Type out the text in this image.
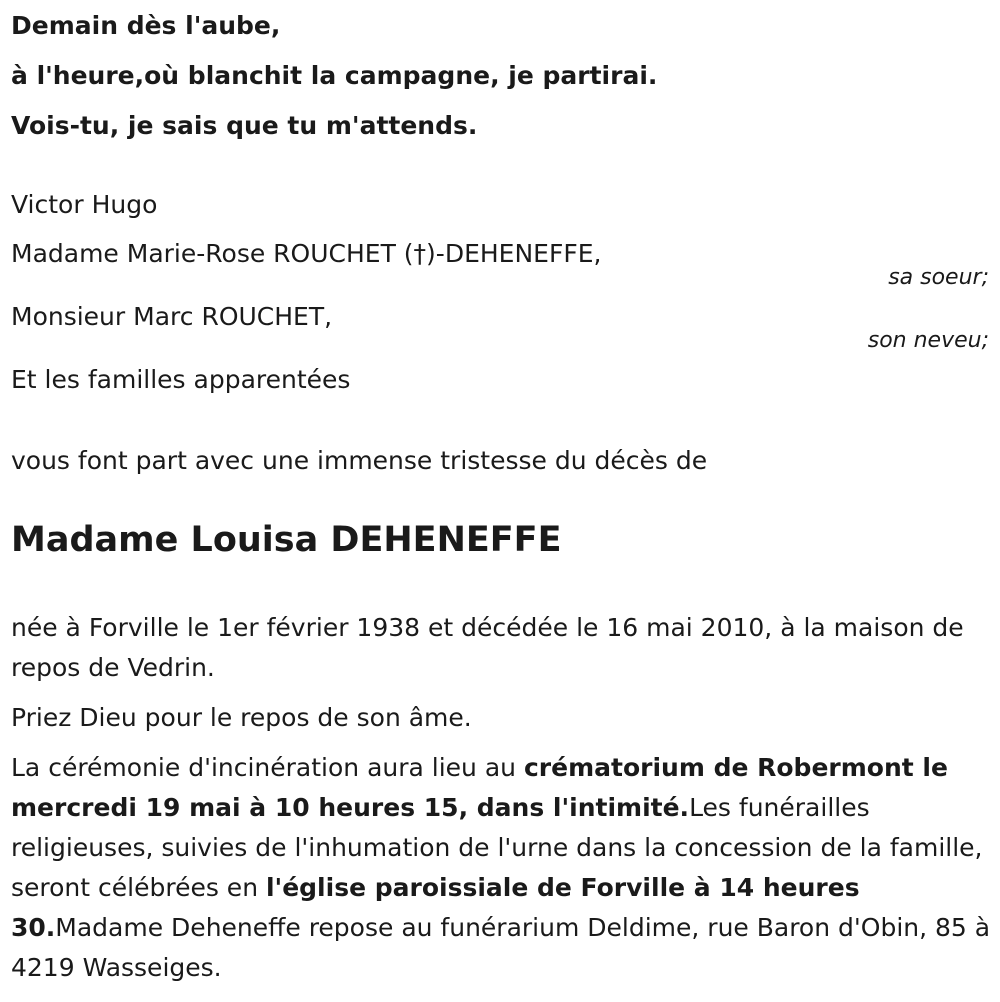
Demain dès l'aube,

à l'heure,où blanchit la campagne, je partirai.

Vois-tu, je sais que tu m'attends.

Victor Hugo

Madame Marie-Rose ROUCHET (†)-DEHENEFFE,

sa soeur;

Monsieur Marc ROUCHET,

son neveu;

Et les familles apparentées

vous font part avec une immense tristesse du décès de

Madame Louisa DEHENEFFE

née à Forville le 1er février 1938 et décédée le 16 mai 2010, à la maison de repos de Vedrin.

Priez Dieu pour le repos de son âme.

La cérémonie d'incinération aura lieu au crématorium de Robermont le mercredi 19 mai à 10 heures 15, dans l'intimité.Les funérailles religieuses, suivies de l'inhumation de l'urne dans la concession de la famille, seront célébrées en l'église paroissiale de Forville à 14 heures 30.Madame Deheneffe repose au funérarium Deldime, rue Baron d'Obin, 85 à 4219 Wasseiges.
